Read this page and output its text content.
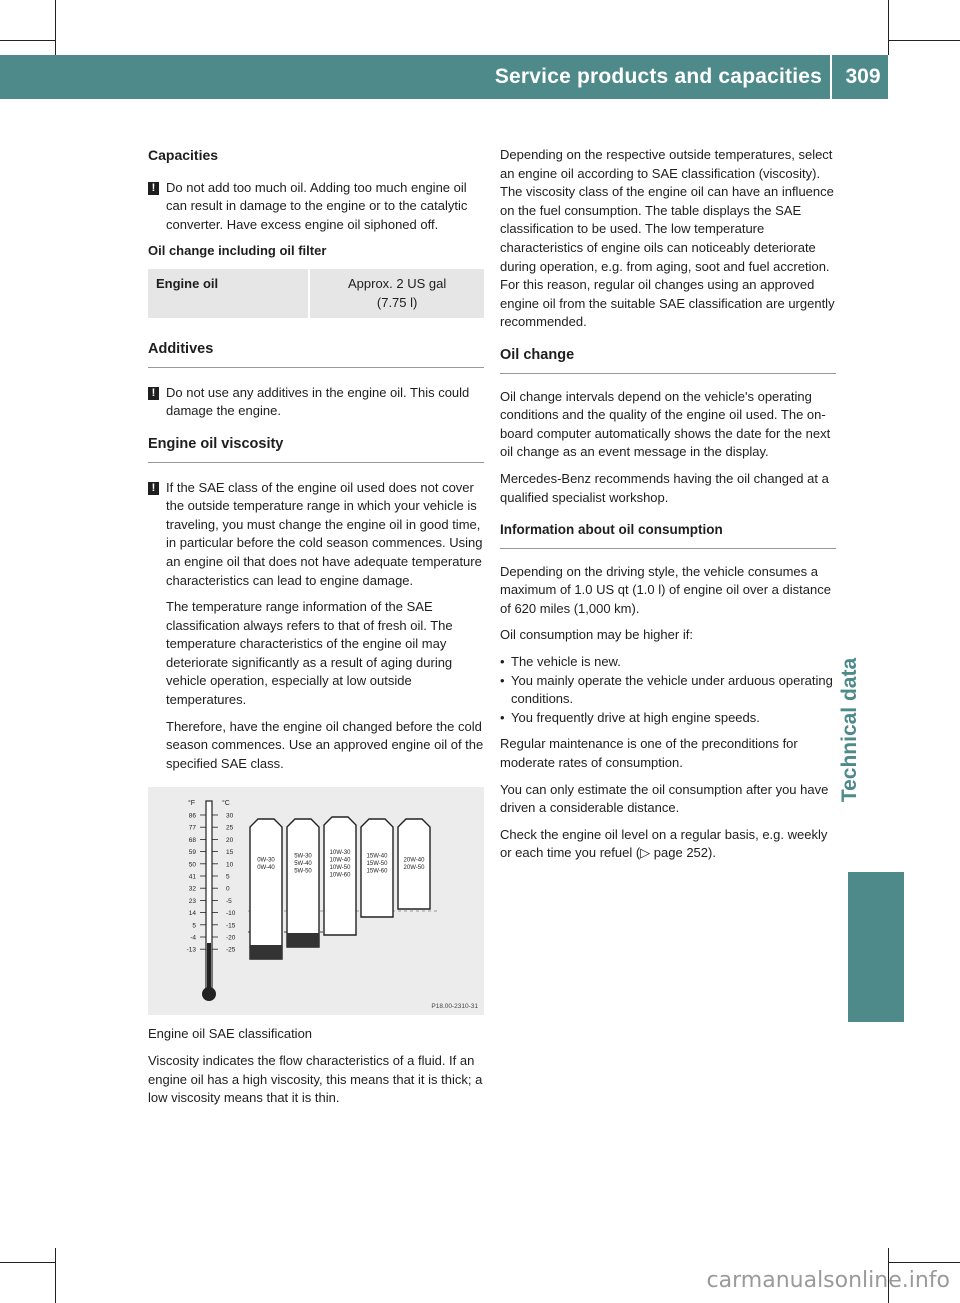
Service products and capacities	309
Technical data
Capacities
! Do not add too much oil. Adding too much engine oil can result in damage to the engine or to the catalytic converter. Have excess engine oil siphoned off.

Oil change including oil filter
Engine oil	Approx. 2 US gal
(7.75 l)
Additives
! Do not use any additives in the engine oil. This could damage the engine.

Engine oil viscosity
! If the SAE class of the engine oil used does not cover the outside temperature range in which your vehicle is traveling, you must change the engine oil in good time, in particular before the cold season commences. Using an engine oil that does not have adequate temperature characteristics can lead to engine damage.

The temperature range information of the SAE classification always refers to that of fresh oil. The temperature characteristics of the engine oil may deteriorate significantly as a result of aging during vehicle operation, especially at low outside temperatures.

Therefore, have the engine oil changed before the cold season commences. Use an approved engine oil of the specified SAE class.

°F	°C
86	30
77	25
68	20
59	15
50	10
41	5
32	0
23	-5
14	-10
5	-15
-4	-20
-13	-25
0W-30
0W-40
5W-30
5W-40
5W-50
10W-30
10W-40
10W-50
10W-60
15W-40
15W-50
15W-60
20W-40
20W-50
P18.00-2310-31
Engine oil SAE classification

Viscosity indicates the flow characteristics of a fluid. If an engine oil has a high viscosity, this means that it is thick; a low viscosity means that it is thin.

Depending on the respective outside temperatures, select an engine oil according to SAE classification (viscosity). The viscosity class of the engine oil can have an influence on the fuel consumption. The table displays the SAE classification to be used. The low temperature characteristics of engine oils can noticeably deteriorate during operation, e.g. from aging, soot and fuel accretion. For this reason, regular oil changes using an approved engine oil from the suitable SAE classification are urgently recommended.

Oil change

Oil change intervals depend on the vehicle's operating conditions and the quality of the engine oil used. The on-board computer automatically shows the date for the next oil change as an event message in the display.

Mercedes-Benz recommends having the oil changed at a qualified specialist workshop.

Information about oil consumption

Depending on the driving style, the vehicle consumes a maximum of 1.0 US qt (1.0 l) of engine oil over a distance of 620 miles (1,000 km).

Oil consumption may be higher if:

• The vehicle is new.
• You mainly operate the vehicle under arduous operating conditions.
• You frequently drive at high engine speeds.

Regular maintenance is one of the preconditions for moderate rates of consumption.

You can only estimate the oil consumption after you have driven a considerable distance.

Check the engine oil level on a regular basis, e.g. weekly or each time you refuel (▷ page 252).

carmanualsonline.info
